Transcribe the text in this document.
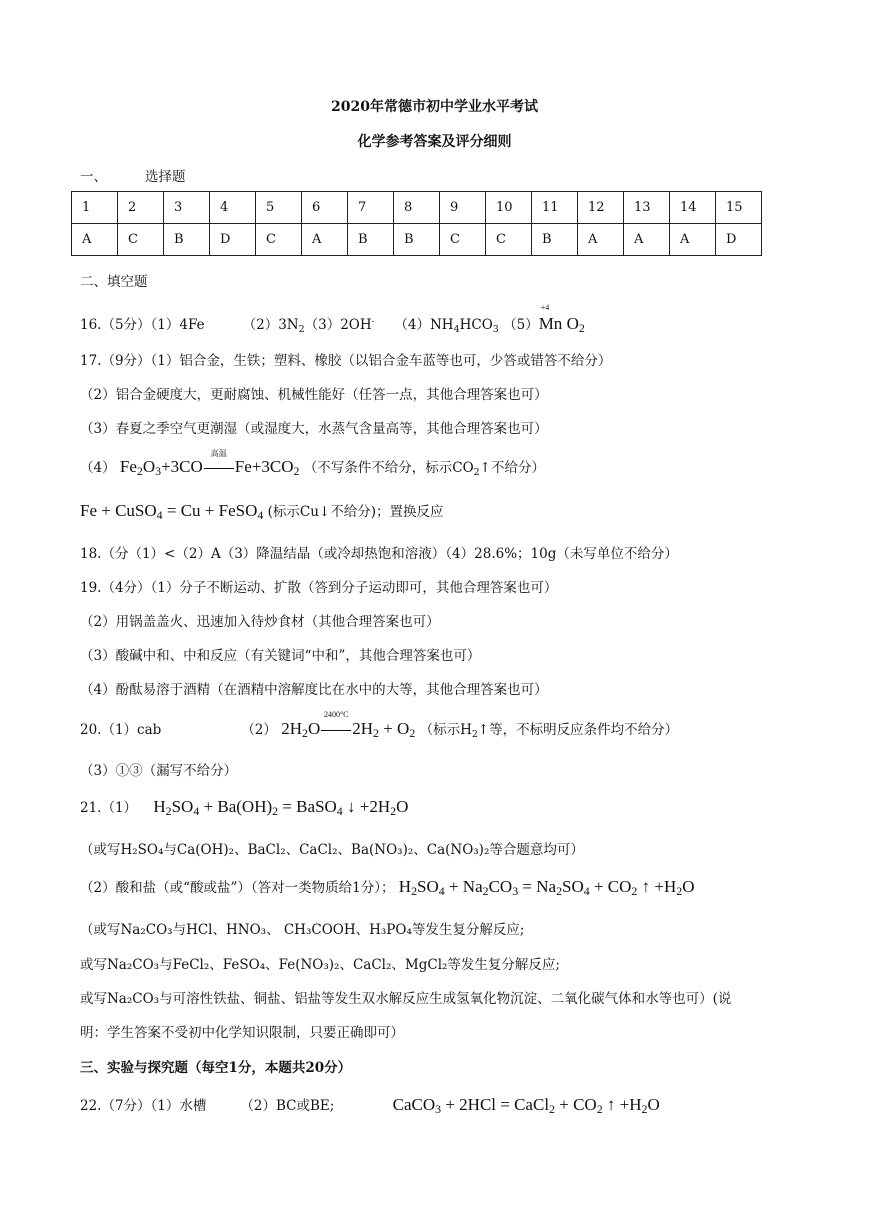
2020年常德市初中学业水平考试
化学参考答案及评分细则
一、	选择题
1	2	3	4	5	6	7	8	9	10	11	12	13	14	15
A	C	B	D	C	A	B	B	C	C	B	A	A	A	D
二、填空题
16.（5分）（1）4Fe	$(2)3N_2(3)2OH^-$ $(4)NH_4HCO_3$ （5）
+4
Mn $O_2$
17.（9分）（1）铝合金，生铁；塑料、橡胶（以铝合金车蓝等也可，少答或错答不给分）
（2）铝合金硬度大，更耐腐蚀、机械性能好（任答一点，其他合理答案也可）
（3）春夏之季空气更潮湿（或湿度大，水蒸气含量高等，其他合理答案也可）
（4） $Fe_2O_3+3CO$
高温
$Fe+3CO_2$ （不写条件不给分，标示$CO_2↑$不给分）
Fe + CuSO$_4$ = Cu + FeSO$_4$ (标示Cu↓不给分)；置换反应
18.（分（1）<（2）A（3）降温结晶（或冷却热饱和溶液）（4）28.6%；10g（未写单位不给分）
19.（4分）（1）分子不断运动、扩散（答到分子运动即可，其他合理答案也可）
（2）用锅盖盖火、迅速加入待炒食材（其他合理答案也可）
（3）酸碱中和、中和反应（有关键词“中和”，其他合理答案也可）
（4）酚酞易溶于酒精（在酒精中溶解度比在水中的大等，其他合理答案也可）
20.（1）cab	（2） $2H_2O$
2400°C
$2H_2 + O_2$ （标示$H_2↑$等，不标明反应条件均不给分）
（3）①③（漏写不给分）
21.（1） $H_2SO_4 + Ba(OH)_2$ = BaSO$_4$ ↓ $+2H_2O$
（或写H₂SO₄与Ca(OH)₂、BaCl₂、CaCl₂、Ba(NO₃)₂、Ca(NO₃)₂等合题意均可）
（2）酸和盐（或“酸或盐”）（答对一类物质给1分）； $H_2SO_4 + Na_2CO_3 = Na_2SO_4 + CO_2$ ↑ $+H_2O$
（或写Na₂CO₃与HCl、HNO₃、 CH₃COOH、H₃PO₄等发生复分解反应;
或写Na₂CO₃与FeCl₂、FeSO₄、Fe(NO₃)₂、CaCl₂、MgCl₂等发生复分解反应;
或写Na₂CO₃与可溶性铁盐、铜盐、铝盐等发生双水解反应生成氢氧化物沉淀、二氧化碳气体和水等也可）(说
明：学生答案不受初中化学知识限制，只要正确即可）
三、实验与探究题（每空1分，本题共20分）
22.（7分）（1）水槽	（2）BC或BE;	CaCO$_3$ + 2HCl = CaCl$_2$ + $CO_2$ ↑ $+H_2O$
